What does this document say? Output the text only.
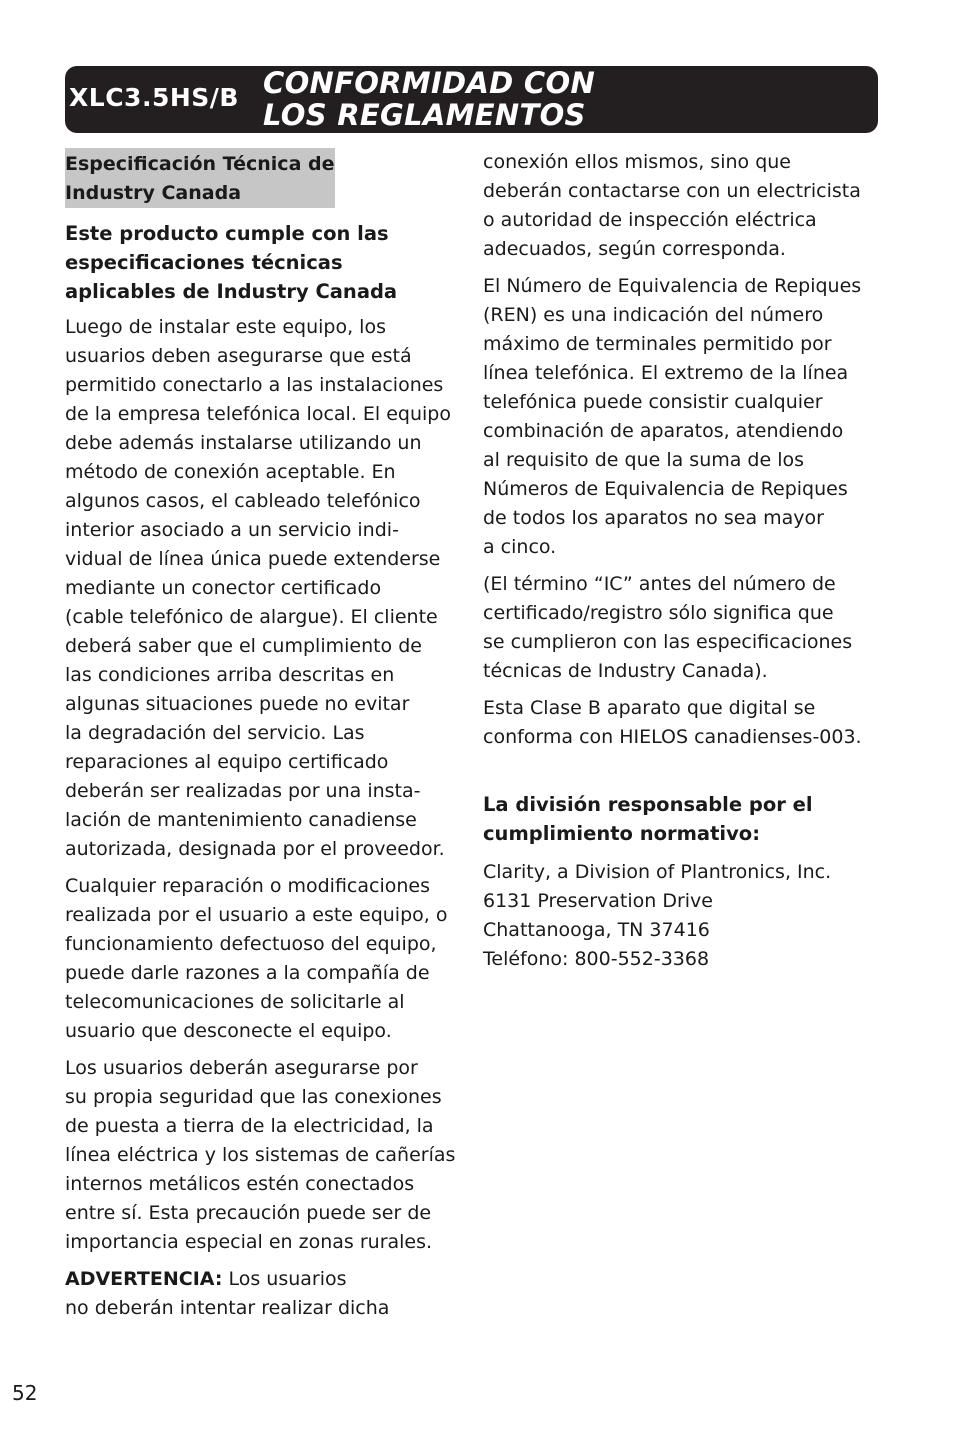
XLC3.5HS/B CONFORMIDAD CON
LOS REGLAMENTOS
Especificación Técnica de
Industry Canada
Este producto cumple con las
especificaciones técnicas
aplicables de Industry Canada

Luego de instalar este equipo, los
usuarios deben asegurarse que está
permitido conectarlo a las instalaciones
de la empresa telefónica local. El equipo
debe además instalarse utilizando un
método de conexión aceptable. En
algunos casos, el cableado telefónico
interior asociado a un servicio indi-
vidual de línea única puede extenderse
mediante un conector certificado
(cable telefónico de alargue). El cliente
deberá saber que el cumplimiento de
las condiciones arriba descritas en
algunas situaciones puede no evitar
la degradación del servicio. Las
reparaciones al equipo certificado
deberán ser realizadas por una insta-
lación de mantenimiento canadiense
autorizada, designada por el proveedor.

Cualquier reparación o modificaciones
realizada por el usuario a este equipo, o
funcionamiento defectuoso del equipo,
puede darle razones a la compañía de
telecomunicaciones de solicitarle al
usuario que desconecte el equipo.

Los usuarios deberán asegurarse por
su propia seguridad que las conexiones
de puesta a tierra de la electricidad, la
línea eléctrica y los sistemas de cañerías
internos metálicos estén conectados
entre sí. Esta precaución puede ser de
importancia especial en zonas rurales.

ADVERTENCIA: Los usuarios
no deberán intentar realizar dicha

conexión ellos mismos, sino que
deberán contactarse con un electricista
o autoridad de inspección eléctrica
adecuados, según corresponda.

El Número de Equivalencia de Repiques
(REN) es una indicación del número
máximo de terminales permitido por
línea telefónica. El extremo de la línea
telefónica puede consistir cualquier
combinación de aparatos, atendiendo
al requisito de que la suma de los
Números de Equivalencia de Repiques
de todos los aparatos no sea mayor
a cinco.

(El término “IC” antes del número de
certificado/registro sólo significa que
se cumplieron con las especificaciones
técnicas de Industry Canada).

Esta Clase B aparato que digital se
conforma con HIELOS canadienses-003.

La división responsable por el
cumplimiento normativo:

Clarity, a Division of Plantronics, Inc.

6131 Preservation Drive

Chattanooga, TN 37416

Teléfono: 800-552-3368

52
